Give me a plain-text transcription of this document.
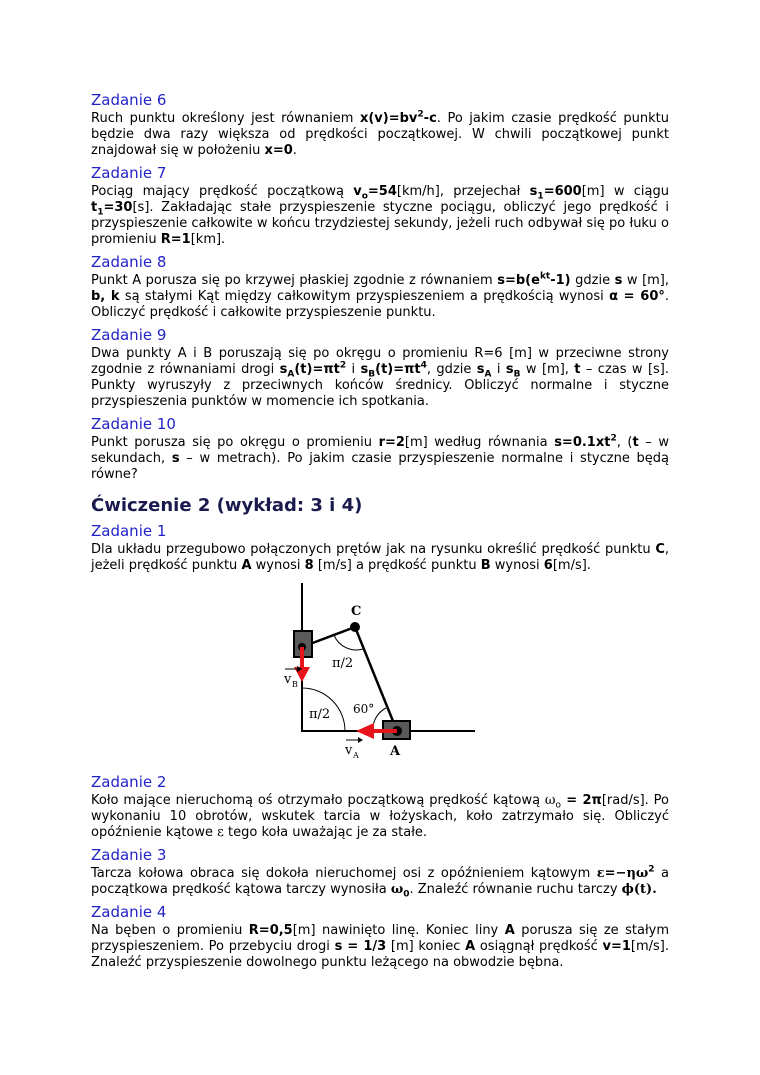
Zadanie 6

Ruch punktu określony jest równaniem $x(v)=bv^2-c$. Po jakim czasie prędkość punktu będzie dwa razy większa od prędkości początkowej. W chwili początkowej punkt znajdował się w położeniu x=0.

Zadanie 7

Pociąg mający prędkość początkową $v_o=54[km/h]$, przejechał $s_1=600[m]$ w ciągu $t_1=30[s]$. Zakładając stałe przyspieszenie styczne pociągu, obliczyć jego prędkość i przyspieszenie całkowite w końcu trzydziestej sekundy, jeżeli ruch odbywał się po łuku o promieniu R=1[km].

Zadanie 8

Punkt A porusza się po krzywej płaskiej zgodnie z równaniem $s=b(e^{kt}-1)$ gdzie s w [m], b, k są stałymi Kąt między całkowitym przyspieszeniem a prędkością wynosi α = 60°. Obliczyć prędkość i całkowite przyspieszenie punktu.

Zadanie 9

Dwa punkty A i B poruszają się po okręgu o promieniu R=6 [m] w przeciwne strony zgodnie z równaniami drogi $s_A(t)=\pi t^2$ i $s_B(t)=\pi t^4$, gdzie $s_A$ i $s_B$ w [m], t – czas w [s]. Punkty wyruszyły z przeciwnych końców średnicy. Obliczyć normalne i styczne przyspieszenia punktów w momencie ich spotkania.

Zadanie 10

Punkt porusza się po okręgu o promieniu r=2[m] według równania $s=0.1xt^2$, (t – w sekundach, s – w metrach). Po jakim czasie przyspieszenie normalne i styczne będą równe?

Ćwiczenie 2 (wykład: 3 i 4)
Zadanie 1

Dla układu przegubowo połączonych prętów jak na rysunku określić prędkość punktu C, jeżeli prędkość punktu A wynosi 8 [m/s] a prędkość punktu B wynosi 6[m/s].

C
A
π/2
π/2 60°
v B
v A
Zadanie 2

Koło mające nieruchomą oś otrzymało początkową prędkość kątową $\omega_o = 2\pi[rad/s]$. Po wykonaniu 10 obrotów, wskutek tarcia w łożyskach, koło zatrzymało się. Obliczyć opóźnienie kątowe ε tego koła uważając je za stałe.

Zadanie 3

Tarcza kołowa obraca się dokoła nieruchomej osi z opóźnieniem kątowym $\varepsilon=-\eta\omega^2$ a początkowa prędkość kątowa tarczy wynosiła $\omega_0$. Znaleźć równanie ruchu tarczy ϕ(t).

Zadanie 4

Na bęben o promieniu R=0,5[m] nawinięto linę. Koniec liny A porusza się ze stałym przyspieszeniem. Po przebyciu drogi s = 1/3 [m] koniec A osiągnął prędkość v=1[m/s]. Znaleźć przyspieszenie dowolnego punktu leżącego na obwodzie bębna.
